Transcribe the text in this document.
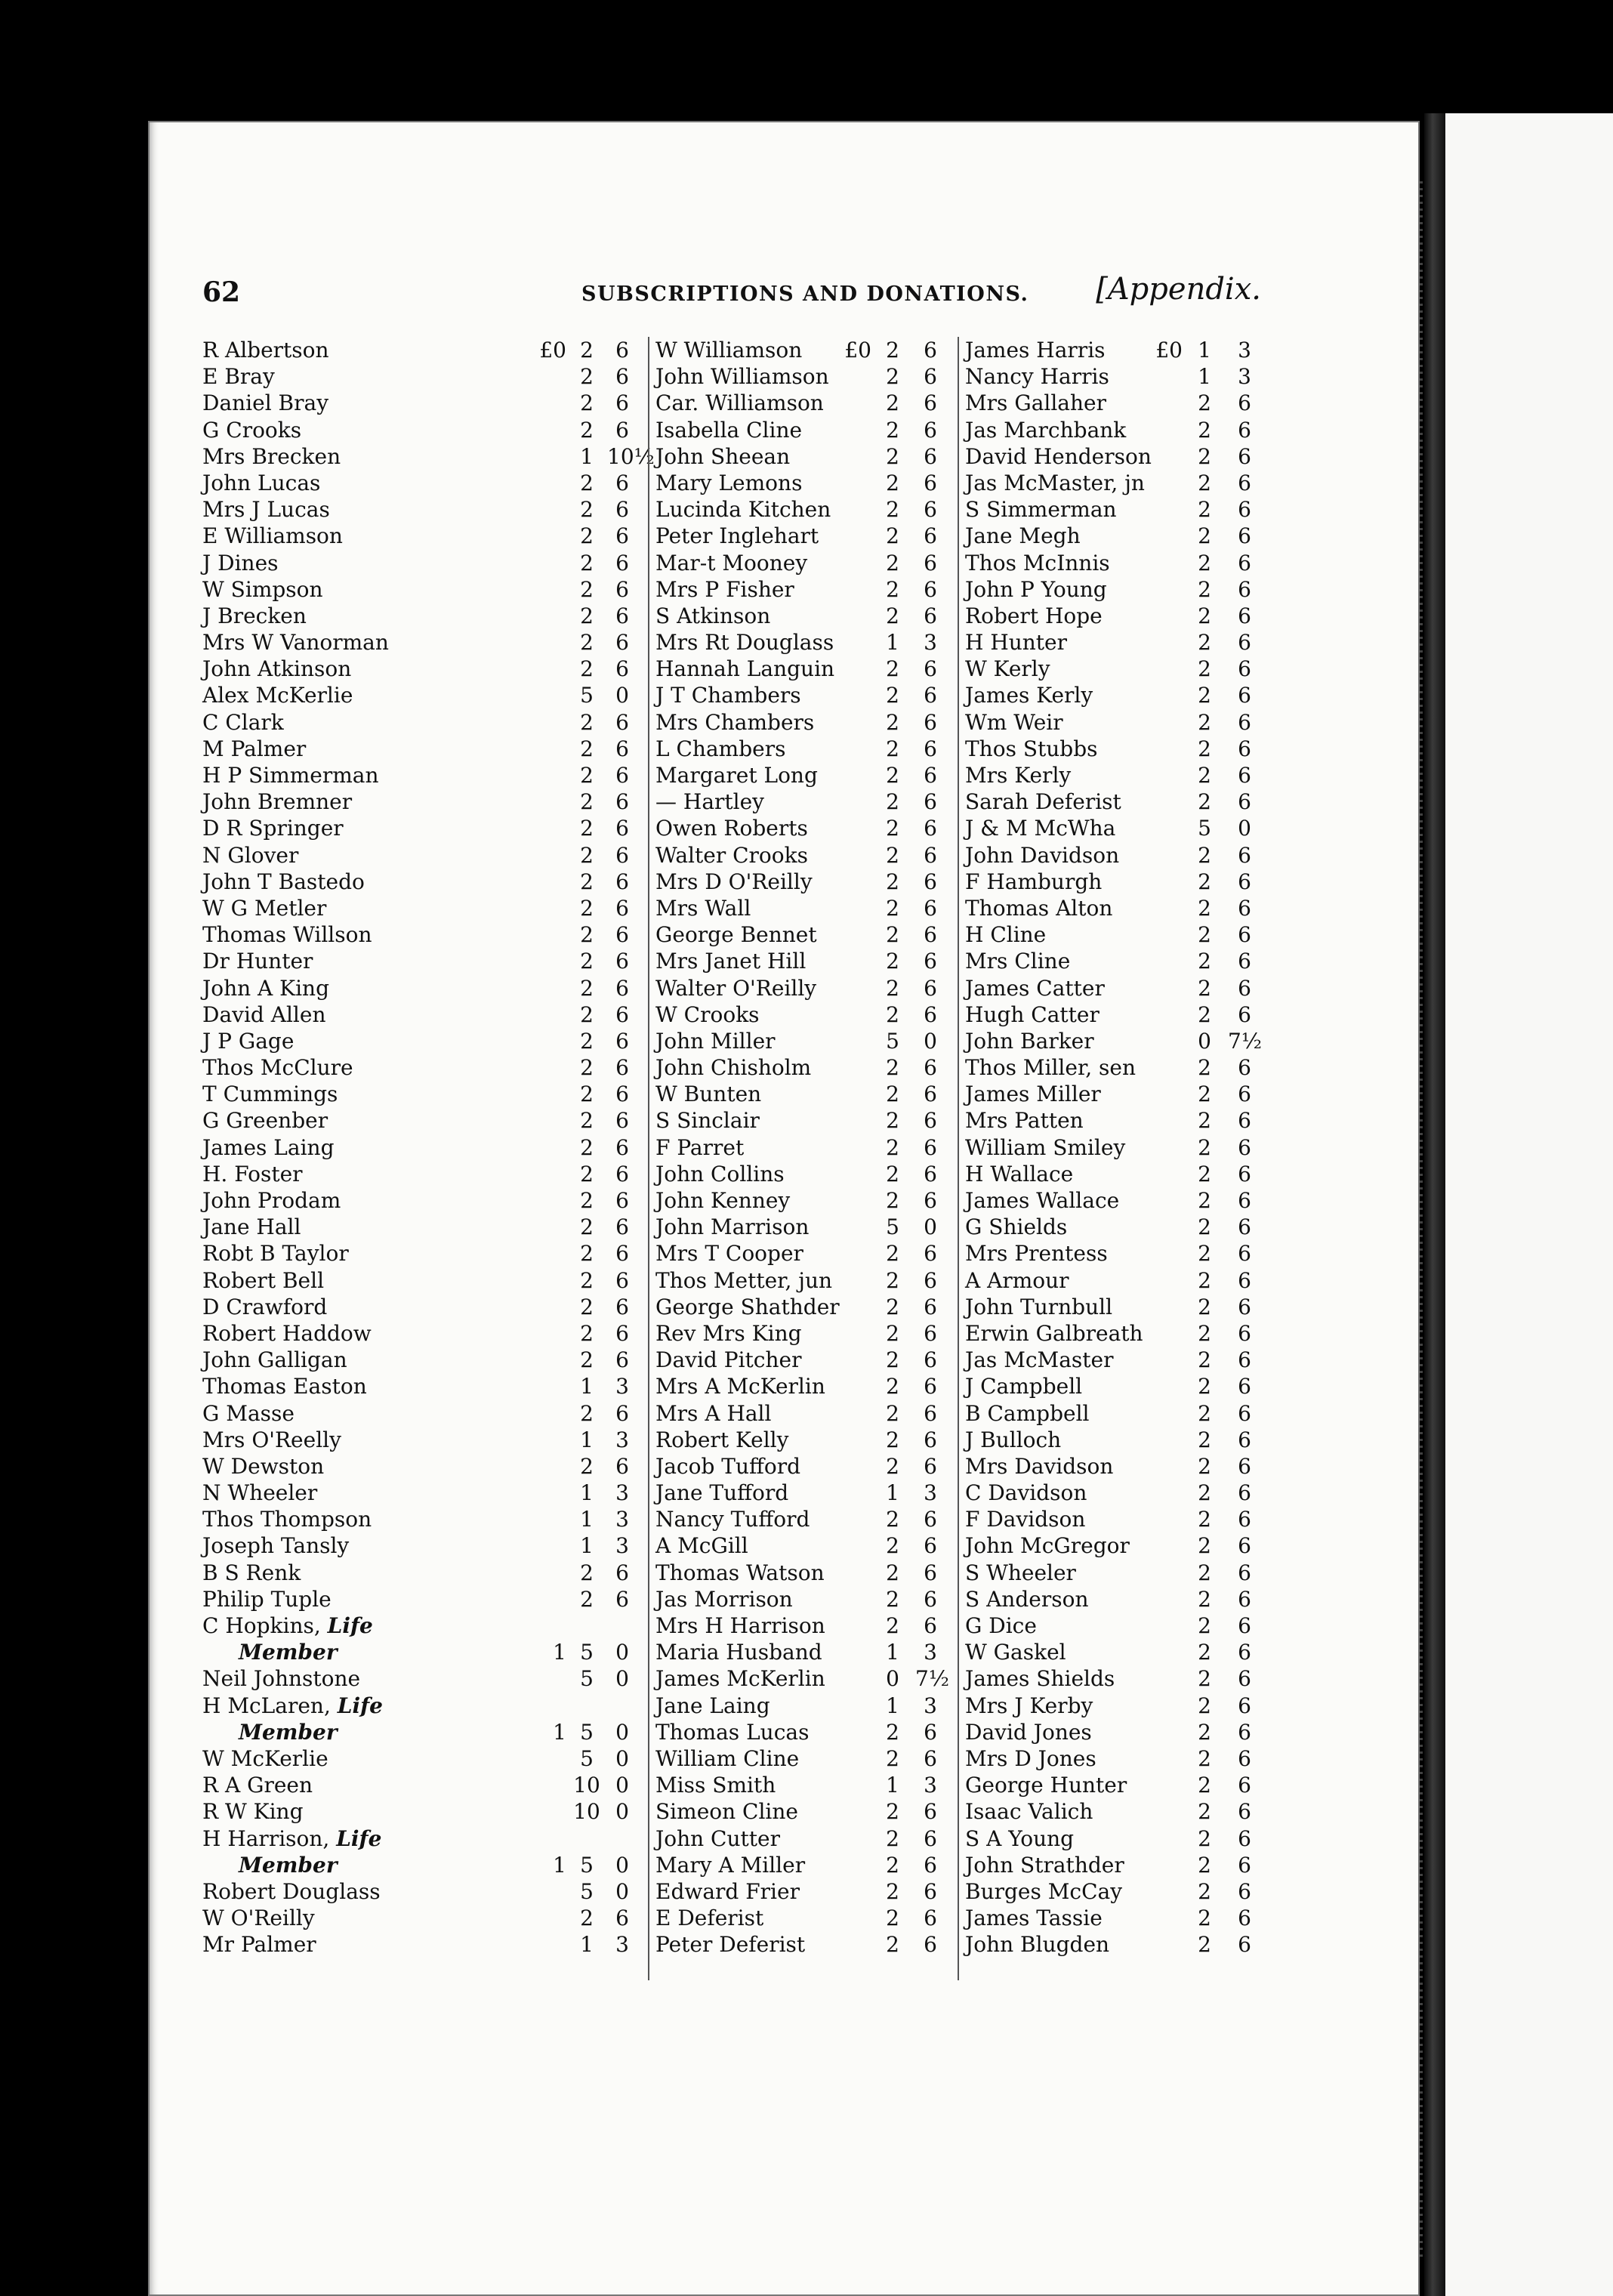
62	SUBSCRIPTIONS AND DONATIONS. [Appendix.
R Albertson	£0 2	6
E Bray	2	6
Daniel Bray	2	6
G Crooks	2	6
Mrs Brecken	1 10½
John Lucas	2	6
Mrs J Lucas	2	6
E Williamson	2	6
J Dines	2	6
W Simpson	2	6
J Brecken	2	6
Mrs W Vanorman	2	6
John Atkinson	2	6
Alex McKerlie	5	0
C Clark	2	6
M Palmer	2	6
H P Simmerman	2	6
John Bremner	2	6
D R Springer	2	6
N Glover	2	6
John T Bastedo	2	6
W G Metler	2	6
Thomas Willson	2	6
Dr Hunter	2	6
John A King	2	6
David Allen	2	6
J P Gage	2	6
Thos McClure	2	6
T Cummings	2	6
G Greenber	2	6
James Laing	2	6
H. Foster	2	6
John Prodam	2	6
Jane Hall	2	6
Robt B Taylor	2	6
Robert Bell	2	6
D Crawford	2	6
Robert Haddow	2	6
John Galligan	2	6
Thomas Easton	1	3
G Masse	2	6
Mrs O'Reelly	1	3
W Dewston	2	6
N Wheeler	1	3
Thos Thompson	1	3
Joseph Tansly	1	3
B S Renk	2	6
Philip Tuple	2	6
C Hopkins, Life
Member	1 5	0
Neil Johnstone	5	0
H McLaren, Life
Member	1 5	0
W McKerlie	5	0
R A Green	10 0
R W King	10 0
H Harrison, Life
Member	1 5	0
Robert Douglass	5	0
W O'Reilly	2	6
Mr Palmer	1	3
W Williamson	£0 2	6
John Williamson	2	6
Car. Williamson	2	6
Isabella Cline	2	6
John Sheean	2	6
Mary Lemons	2	6
Lucinda Kitchen	2	6
Peter Inglehart	2	6
Mar-t Mooney	2	6
Mrs P Fisher	2	6
S Atkinson	2	6
Mrs Rt Douglass	1	3
Hannah Languin	2	6
J T Chambers	2	6
Mrs Chambers	2	6
L Chambers	2	6
Margaret Long	2	6
— Hartley	2	6
Owen Roberts	2	6
Walter Crooks	2	6
Mrs D O'Reilly	2	6
Mrs Wall	2	6
George Bennet	2	6
Mrs Janet Hill	2	6
Walter O'Reilly	2	6
W Crooks	2	6
John Miller	5	0
John Chisholm	2	6
W Bunten	2	6
S Sinclair	2	6
F Parret	2	6
John Collins	2	6
John Kenney	2	6
John Marrison	5	0
Mrs T Cooper	2	6
Thos Metter, jun	2	6
George Shathder	2	6
Rev Mrs King	2	6
David Pitcher	2	6
Mrs A McKerlin	2	6
Mrs A Hall	2	6
Robert Kelly	2	6
Jacob Tufford	2	6
Jane Tufford	1	3
Nancy Tufford	2	6
A McGill	2	6
Thomas Watson	2	6
Jas Morrison	2	6
Mrs H Harrison	2	6
Maria Husband	1	3
James McKerlin	0 7½
Jane Laing	1	3
Thomas Lucas	2	6
William Cline	2	6
Miss Smith	1	3
Simeon Cline	2	6
John Cutter	2	6
Mary A Miller	2	6
Edward Frier	2	6
E Deferist	2	6
Peter Deferist	2	6
James Harris	£0 1	3
Nancy Harris	1	3
Mrs Gallaher	2	6
Jas Marchbank	2	6
David Henderson	2	6
Jas McMaster, jn	2	6
S Simmerman	2	6
Jane Megh	2	6
Thos McInnis	2	6
John P Young	2	6
Robert Hope	2	6
H Hunter	2	6
W Kerly	2	6
James Kerly	2	6
Wm Weir	2	6
Thos Stubbs	2	6
Mrs Kerly	2	6
Sarah Deferist	2	6
J & M McWha	5	0
John Davidson	2	6
F Hamburgh	2	6
Thomas Alton	2	6
H Cline	2	6
Mrs Cline	2	6
James Catter	2	6
Hugh Catter	2	6
John Barker	0 7½
Thos Miller, sen	2	6
James Miller	2	6
Mrs Patten	2	6
William Smiley	2	6
H Wallace	2	6
James Wallace	2	6
G Shields	2	6
Mrs Prentess	2	6
A Armour	2	6
John Turnbull	2	6
Erwin Galbreath	2	6
Jas McMaster	2	6
J Campbell	2	6
B Campbell	2	6
J Bulloch	2	6
Mrs Davidson	2	6
C Davidson	2	6
F Davidson	2	6
John McGregor	2	6
S Wheeler	2	6
S Anderson	2	6
G Dice	2	6
W Gaskel	2	6
James Shields	2	6
Mrs J Kerby	2	6
David Jones	2	6
Mrs D Jones	2	6
George Hunter	2	6
Isaac Valich	2	6
S A Young	2	6
John Strathder	2	6
Burges McCay	2	6
James Tassie	2	6
John Blugden	2	6
